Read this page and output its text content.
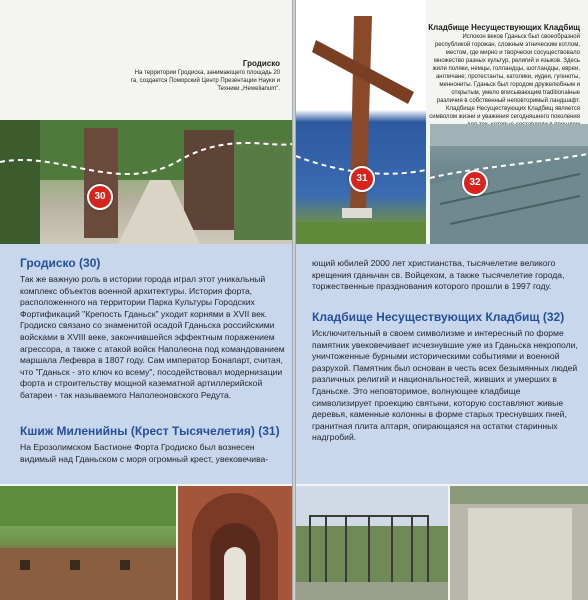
Гродиско
На территории Гродиска, занимающего площадь 20 га, создается Поморский Центр Презентации Науки и Техники „Hewelianum".
30
Гродиско (30)

Так же важную роль в истории города играл этот уникальный комплекс объектов военной архитектуры. История форта, расположенного на территории Парка Культуры Городских Фортификаций "Крепость Гданьск" уходит корнями в XVII век. Гродиско связано со знаменитой осадой Гданьска российскими войсками в XVIII веке, закончившейся эффектным поражением агрессора, а также с атакой войск Наполеона под командованием маршала Лефевра в 1807 году. Сам император Бонапарт, считая, что "Гданьск - это ключ ко всему", посодействовал модернизации форта и строительству мощной казематной артиллерийской батареи - так называемого Наполеоновского Редута.

Кшиж Миленийны (Крест Тысячелетия) (31)

На Ерозолимском Бастионе Форта Гродиско был вознесен видимый над Гданьском с моря огромный крест, увековечива-

31
Кладбище Несуществующих Кладбищ
Испокон веков Гданьск был своеобразной республикой горожан, сложным этническим котлом, местом, где мирно и творчески сосуществовало множество разных культур, религий и языков. Здесь жили поляки, немцы, голландцы, шотландцы, евреи, англичане; протестанты, католики, иудеи, гугеноты, меннониты. Гданьск был городом дружелюбным и открытым, умело вписывающим traditionalные различия в собственный неповторимый ландшафт. Кладбище Несуществующих Кладбищ является символом жизни и уважения сегодняшнего поколения
32

ющий юбилей 2000 лет христианства, тысячелетие великого крещения гданьчан св. Войцехом, а также тысячелетие города, торжественные празднования которого прошли в 1997 году.

Кладбище Несуществующих Кладбищ (32)

Исключительный в своем символизме и интересный по форме памятник увековечивает исчезнувшие уже из Гданьска некрополи, уничтоженные бурными историческими событиями и военной разрухой. Памятник был основан в честь всех безымянных людей различных религий и национальностей, живших и умерших в Гданьске. Это неповторимое, волнующее кладбище символизирует проекцию святыни, которую составляют живые деревья, каменные колонны в форме старых треснувших пней, гранитная плита алтаря, опирающаяся на остатки старинных надгробий.
